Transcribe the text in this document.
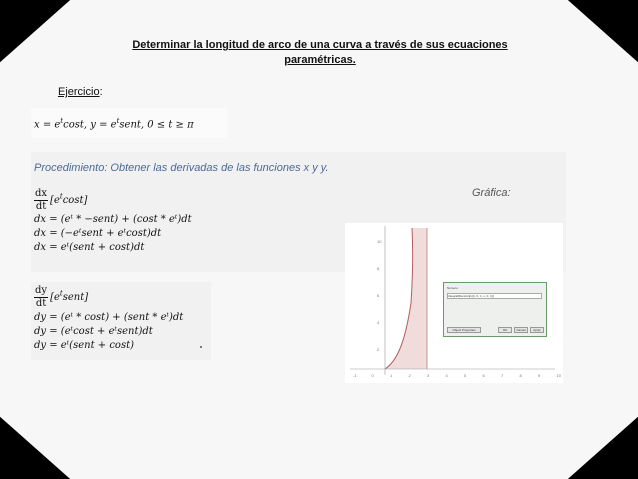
Determinar la longitud de arco de una curva a través de sus ecuaciones paramétricas.
Ejercicio:
$x = e^t\cos t$, $y = e^tsent$, 0 ≤ t ≥ π
Procedimiento: Obtener las derivadas de las funciones x y y.
Gráfica:
$\frac{dx}{dt} [e^t\cos t]$
dx = (eᵗ * −sent) + (cost * eᵗ)dt
dx = (−eᵗsent + eᵗcost)dt
dx = eᵗ(sent + cost)dt
$\frac{dy}{dt}$ $[e^tsent]$
dy = (eᵗ * cost) + (sent * eᵗ)dt
dy = (eᵗcost + eᵗsent)dt
dy = eᵗ(sent + cost)
-1	0	1	2	3	4	5	6	7	8	9	10
10
8
6
4
2
Número:
Integral[Función[x(t), 0, π, x, 0, π]]
Object Properties	OK	Cancel	Apply
